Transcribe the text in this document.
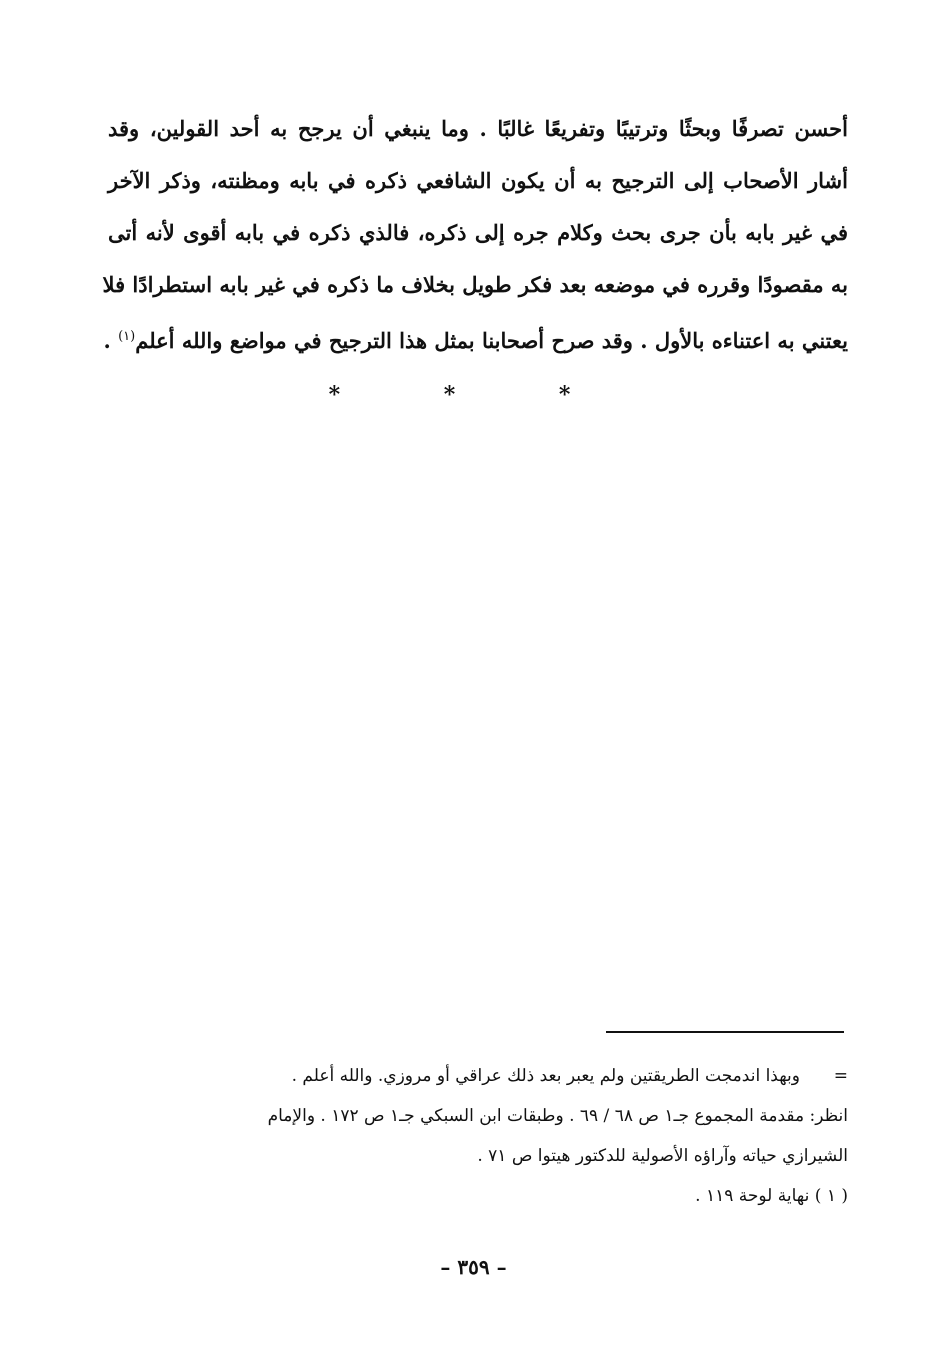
أحسن تصرفًا وبحثًا وترتيبًا وتفريعًا غالبًا . وما ينبغي أن يرجح به أحد القولين، وقد
أشار الأصحاب إلى الترجيح به أن يكون الشافعي ذكره في بابه ومظنته، وذكر الآخر
في غير بابه بأن جرى بحث وكلام جره إلى ذكره، فالذي ذكره في بابه أقوى لأنه أتى
به مقصودًا وقرره في موضعه بعد فكر طويل بخلاف ما ذكره في غير بابه استطرادًا فلا
يعتني به اعتناءه بالأول . وقد صرح أصحابنا بمثل هذا الترجيح في مواضع والله أعلم$^{(١)}$ .
* * *
=وبهذا اندمجت الطريقتين ولم يعبر بعد ذلك عراقي أو مروزي. والله أعلم .
انظر: مقدمة المجموع جـ١ ص ٦٨ / ٦٩ . وطبقات ابن السبكي جـ١ ص ١٧٢ . والإمام
الشيرازي حياته وآراؤه الأصولية للدكتور هيتوا ص ٧١ .
( ١ ) نهاية لوحة ١١٩ .
– ٣٥٩ –
